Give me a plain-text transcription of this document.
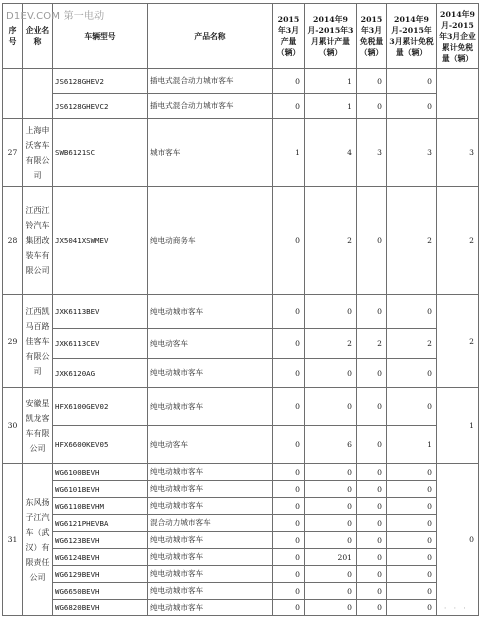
D1EV.COM 第一电动
序号	企业名称	车辆型号	产品名称	2015年3月产量（辆）	2014年9月-2015年3月累计产量（辆）	2015年3月免税量（辆）	2014年9月-2015年3月累计免税量（辆）	2014年9月-2015年3月企业累计免税量（辆）
		JS6128GHEV2	插电式混合动力城市客车	0	1	0	0	
		JS6128GHEVC2	插电式混合动力城市客车	0	1	0	0	
27	上海申沃客车有限公司	SWB6121SC	城市客车	1	4	3	3	3
28	江西江铃汽车集团改装车有限公司	JX5041XSWMEV	纯电动商务车	0	2	0	2	2
29	江西凯马百路佳客车有限公司	JXK6113BEV	纯电动城市客车	0	0	0	0	2
		JXK6113CEV	纯电动客车	0	2	2	2	
		JXK6120AG	纯电动城市客车	0	0	0	0	
30	安徽星凯龙客车有限公司	HFX6100GEV02	纯电动城市客车	0	0	0	0	1
		HFX6600KEV05	纯电动客车	0	6	0	1	
31	东风扬子江汽车（武汉）有限责任公司	WG6100BEVH	纯电动城市客车	0	0	0	0	0
		WG6101BEVH	纯电动城市客车	0	0	0	0	
		WG6110BEVHM	纯电动城市客车	0	0	0	0	
		WG6121PHEVBA	混合动力城市客车	0	0	0	0	
		WG6123BEVH	纯电动城市客车	0	0	0	0	
		WG6124BEVH	纯电动城市客车	0	201	0	0	
		WG6129BEVH	纯电动城市客车	0	0	0	0	
		WG6650BEVH	纯电动城市客车	0	0	0	0	
		WG6820BEVH	纯电动城市客车	0	0	0	0	· · ·
